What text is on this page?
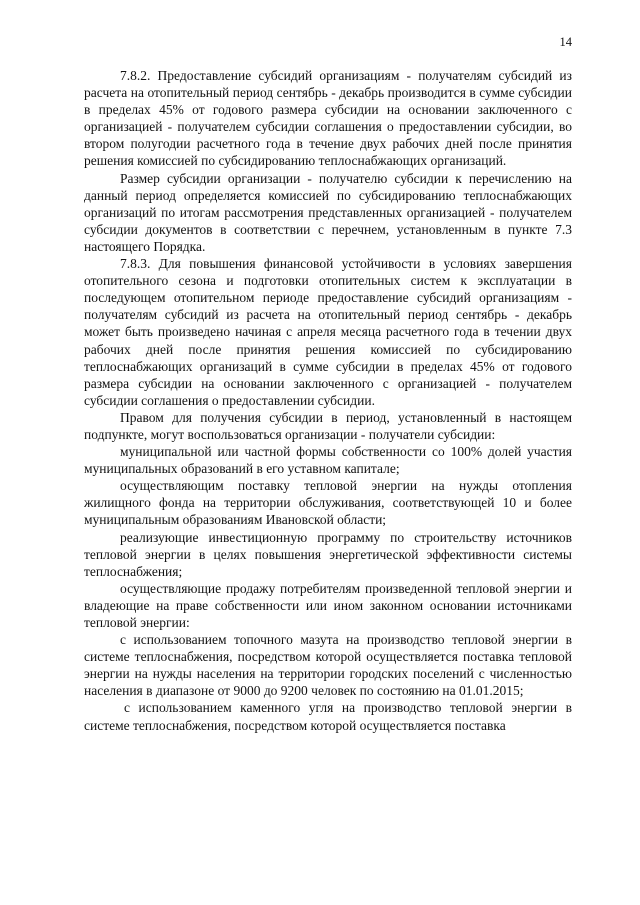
14

7.8.2. Предоставление субсидий организациям - получателям субсидий из расчета на отопительный период сентябрь - декабрь производится в сумме субсидии в пределах 45% от годового размера субсидии на основании заключенного с организацией - получателем субсидии соглашения о предоставлении субсидии, во втором полугодии расчетного года в течение двух рабочих дней после принятия решения комиссией по субсидированию теплоснабжающих организаций.

Размер субсидии организации - получателю субсидии к перечислению на данный период определяется комиссией по субсидированию теплоснабжающих организаций по итогам рассмотрения представленных организацией - получателем субсидии документов в соответствии с перечнем, установленным в пункте 7.3 настоящего Порядка.

7.8.3. Для повышения финансовой устойчивости в условиях завершения отопительного сезона и подготовки отопительных систем к эксплуатации в последующем отопительном периоде предоставление субсидий организациям - получателям субсидий из расчета на отопительный период сентябрь - декабрь может быть произведено начиная с апреля месяца расчетного года в течении двух рабочих дней после принятия решения комиссией по субсидированию теплоснабжающих организаций в сумме субсидии в пределах 45% от годового размера субсидии на основании заключенного с организацией - получателем субсидии соглашения о предоставлении субсидии.

Правом для получения субсидии в период, установленный в настоящем подпункте, могут воспользоваться организации - получатели субсидии:

муниципальной или частной формы собственности со 100% долей участия муниципальных образований в его уставном капитале;

осуществляющим поставку тепловой энергии на нужды отопления жилищного фонда на территории обслуживания, соответствующей 10 и более муниципальным образованиям Ивановской области;

реализующие инвестиционную программу по строительству источников тепловой энергии в целях повышения энергетической эффективности системы теплоснабжения;

осуществляющие продажу потребителям произведенной тепловой энергии и владеющие на праве собственности или ином законном основании источниками тепловой энергии:

с использованием топочного мазута на производство тепловой энергии в системе теплоснабжения, посредством которой осуществляется поставка тепловой энергии на нужды населения на территории городских поселений с численностью населения в диапазоне от 9000 до 9200 человек по состоянию на 01.01.2015;

с использованием каменного угля на производство тепловой энергии в системе теплоснабжения, посредством которой осуществляется поставка
